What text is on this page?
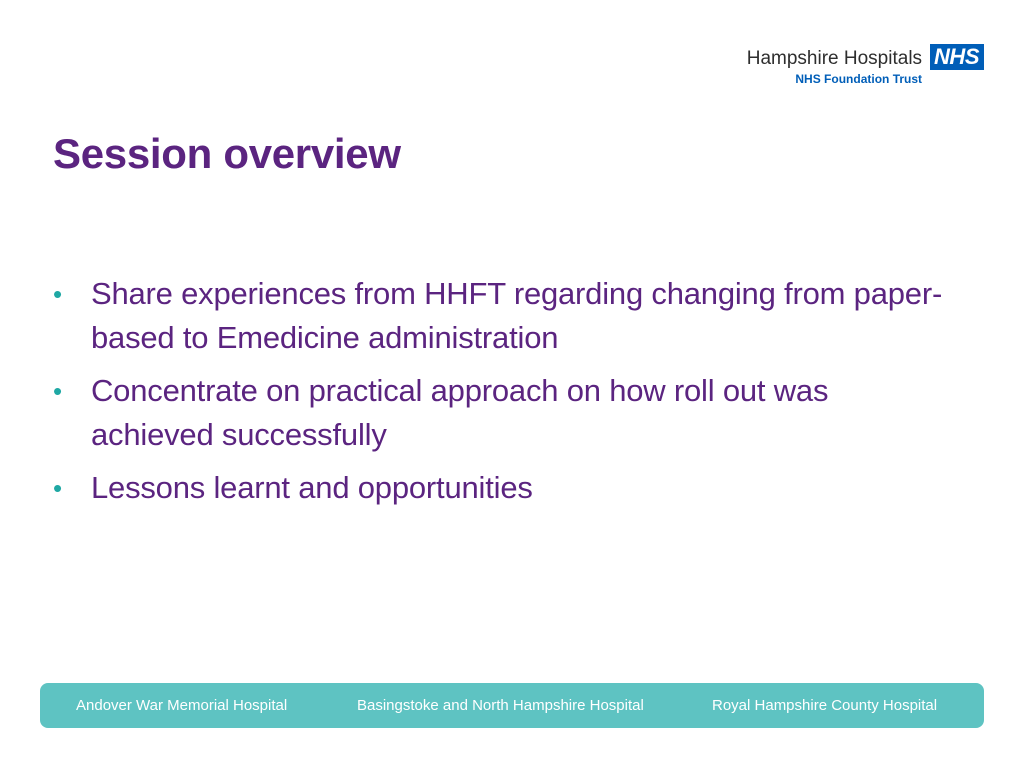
Hampshire Hospitals
NHS Foundation Trust
NHS
Session overview
• Share experiences from HHFT regarding changing from paper-based to Emedicine administration
• Concentrate on practical approach on how roll out was achieved successfully
• Lessons learnt and opportunities
Andover War Memorial Hospital	Basingstoke and North Hampshire Hospital	Royal Hampshire County Hospital
